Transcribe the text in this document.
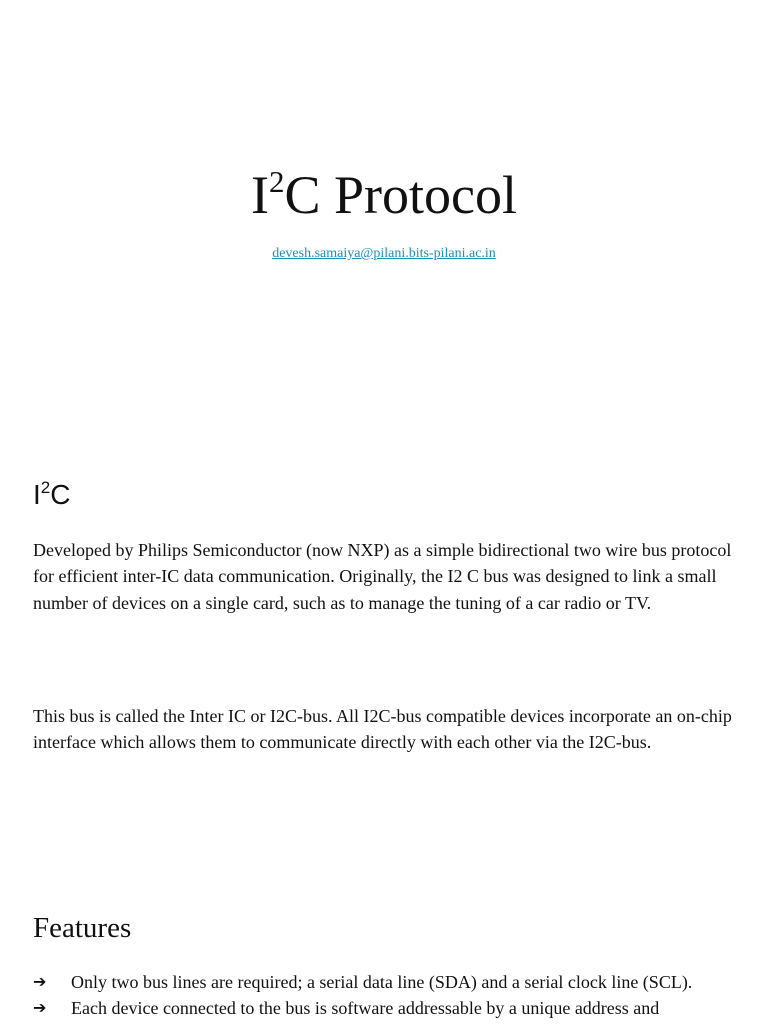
$I^2C$ Protocol
devesh.samaiya@pilani.bits-pilani.ac.in
$I^2C$

Developed by Philips Semiconductor (now NXP) as a simple bidirectional two wire bus protocol for efficient inter-IC data communication. Originally, the I2 C bus was designed to link a small number of devices on a single card, such as to manage the tuning of a car radio or TV.

This bus is called the Inter IC or I2C-bus. All I2C-bus compatible devices incorporate an on-chip interface which allows them to communicate directly with each other via the I2C-bus.

Features
➔	Only two bus lines are required; a serial data line (SDA) and a serial clock line (SCL).
➔	Each device connected to the bus is software addressable by a unique address and
